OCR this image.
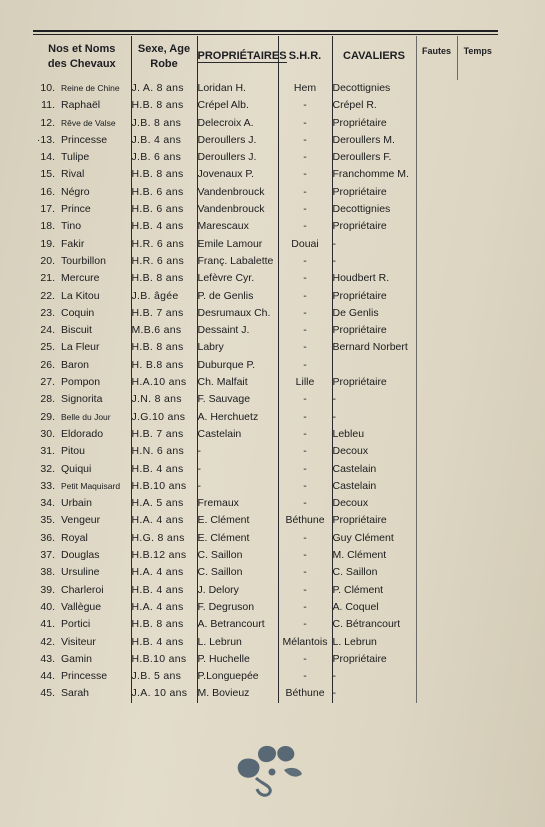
Nos et Noms
des Chevaux	Sexe, Age
Robe	PROPRIÉTAIRES	S.H.R.	CAVALIERS	Fautes	Temps
10. Reine de Chine	J. A. 8 ans	Loridan H.	Hem	Decottignies		
11. Raphaël	H.B. 8 ans	Crépel Alb.	-	Crépel R.		
12. Rêve de Valse	J.B. 8 ans	Delecroix A.	-	Propriétaire		
·13. Princesse	J.B. 4 ans	Deroullers J.	-	Deroullers M.		
14. Tulipe	J.B. 6 ans	Deroullers J.	-	Deroullers F.		
15. Rival	H.B. 8 ans	Jovenaux P.	-	Franchomme M.		
16. Négro	H.B. 6 ans	Vandenbrouck	-	Propriétaire		
17. Prince	H.B. 6 ans	Vandenbrouck	-	Decottignies		
18. Tino	H.B. 4 ans	Marescaux	-	Propriétaire		
19. Fakir	H.R. 6 ans	Emile Lamour	Douai	-		
20. Tourbillon	H.R. 6 ans	Franç. Labalette	-	-		
21. Mercure	H.B. 8 ans	Lefèvre Cyr.	-	Houdbert R.		
22. La Kitou	J.B. âgée	P. de Genlis	-	Propriétaire		
23. Coquin	H.B. 7 ans	Desrumaux Ch.	-	De Genlis		
24. Biscuit	M.B.6 ans	Dessaint J.	-	Propriétaire		
25. La Fleur	H.B. 8 ans	Labry	-	Bernard Norbert		
26. Baron	H. B.8 ans	Duburque P.	-			
27. Pompon	H.A.10 ans	Ch. Malfait	Lille	Propriétaire		
28. Signorita	J.N. 8 ans	F. Sauvage	-	-		
29. Belle du Jour	J.G.10 ans	A. Herchuetz	-	-		
30. Eldorado	H.B. 7 ans	Castelain	-	Lebleu		
31. Pitou	H.N. 6 ans	-	-	Decoux		
32. Quiqui	H.B. 4 ans	-	-	Castelain		
33. Petit Maquisard	H.B.10 ans	-	-	Castelain		
34. Urbain	H.A. 5 ans	Fremaux	-	Decoux		
35. Vengeur	H.A. 4 ans	E. Clément	Béthune	Propriétaire		
36. Royal	H.G. 8 ans	E. Clément	-	Guy Clément		
37. Douglas	H.B.12 ans	C. Saillon	-	M. Clément		
38. Ursuline	H.A. 4 ans	C. Saillon	-	C. Saillon		
39. Charleroi	H.B. 4 ans	J. Delory	-	P. Clément		
40. Vallègue	H.A. 4 ans	F. Degruson	-	A. Coquel		
41. Portici	H.B. 8 ans	A. Betrancourt	-	C. Bétrancourt		
42. Visiteur	H.B. 4 ans	L. Lebrun	Mélantois	L. Lebrun		
43. Gamin	H.B.10 ans	P. Huchelle	-	Propriétaire		
44. Princesse	J.B. 5 ans	P.Longuepée	-	-		
45. Sarah	J.A. 10 ans	M. Bovieuz	Béthune	-		
